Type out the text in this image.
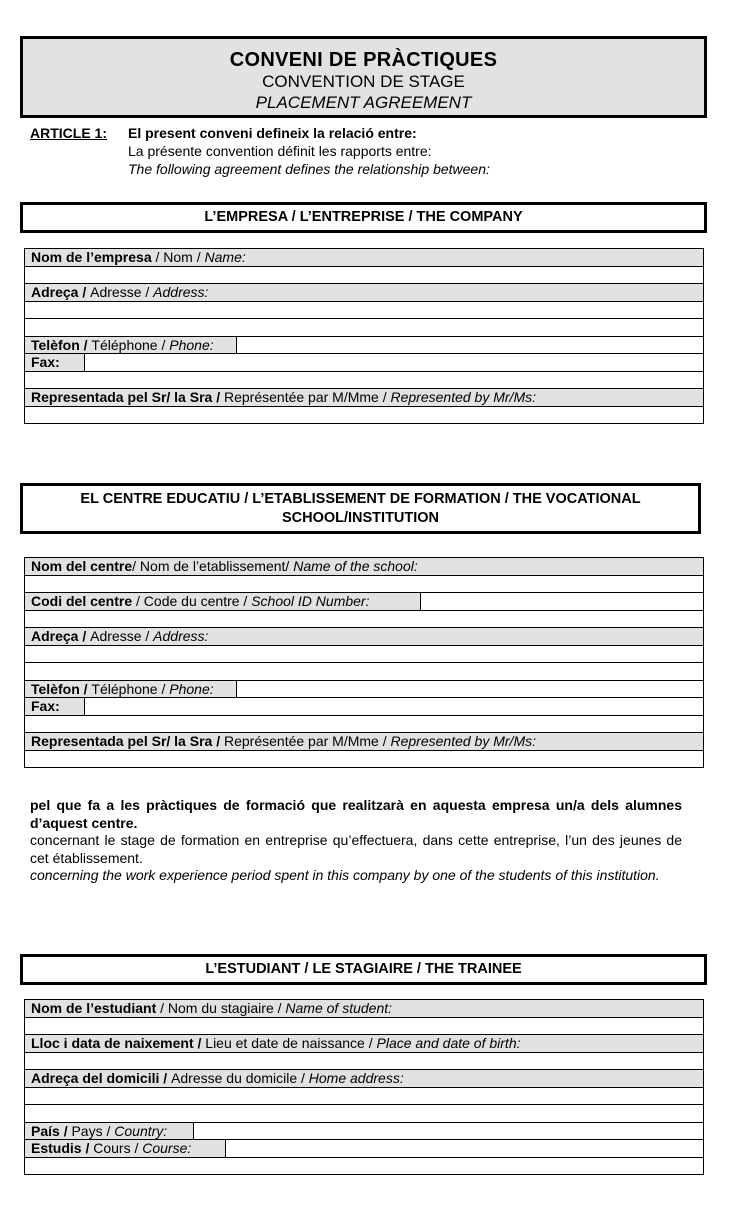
CONVENI DE PRÀCTIQUES
CONVENTION DE STAGE
PLACEMENT AGREEMENT
ARTICLE 1: El present conveni defineix la relació entre:
La présente convention définit les rapports entre:
The following agreement defines the relationship between:
L’EMPRESA / L’ENTREPRISE / THE COMPANY
Nom de l’empresa / Nom / Name:
Adreça / Adresse / Address:
Telèfon / Téléphone / Phone:
Fax:
Representada pel Sr/ la Sra / Représentée par M/Mme / Represented by Mr/Ms:
EL CENTRE EDUCATIU / L’ETABLISSEMENT DE FORMATION / THE VOCATIONAL SCHOOL/INSTITUTION
Nom del centre/ Nom de l’etablissement/ Name of the school:
Codi del centre / Code du centre / School ID Number:
Adreça / Adresse / Address:
Telèfon / Téléphone / Phone:
Fax:
Representada pel Sr/ la Sra / Représentée par M/Mme / Represented by Mr/Ms:

pel que fa a les pràctiques de formació que realitzarà en aquesta empresa un/a dels alumnes d’aquest centre.

concernant le stage de formation en entreprise qu’effectuera, dans cette entreprise, l’un des jeunes de cet établissement.

concerning the work experience period spent in this company by one of the students of this institution.

L’ESTUDIANT / LE STAGIAIRE / THE TRAINEE
Nom de l’estudiant / Nom du stagiaire / Name of student:
Lloc i data de naixement / Lieu et date de naissance / Place and date of birth:
Adreça del domicili / Adresse du domicile / Home address:
País / Pays / Country:
Estudis / Cours / Course:
